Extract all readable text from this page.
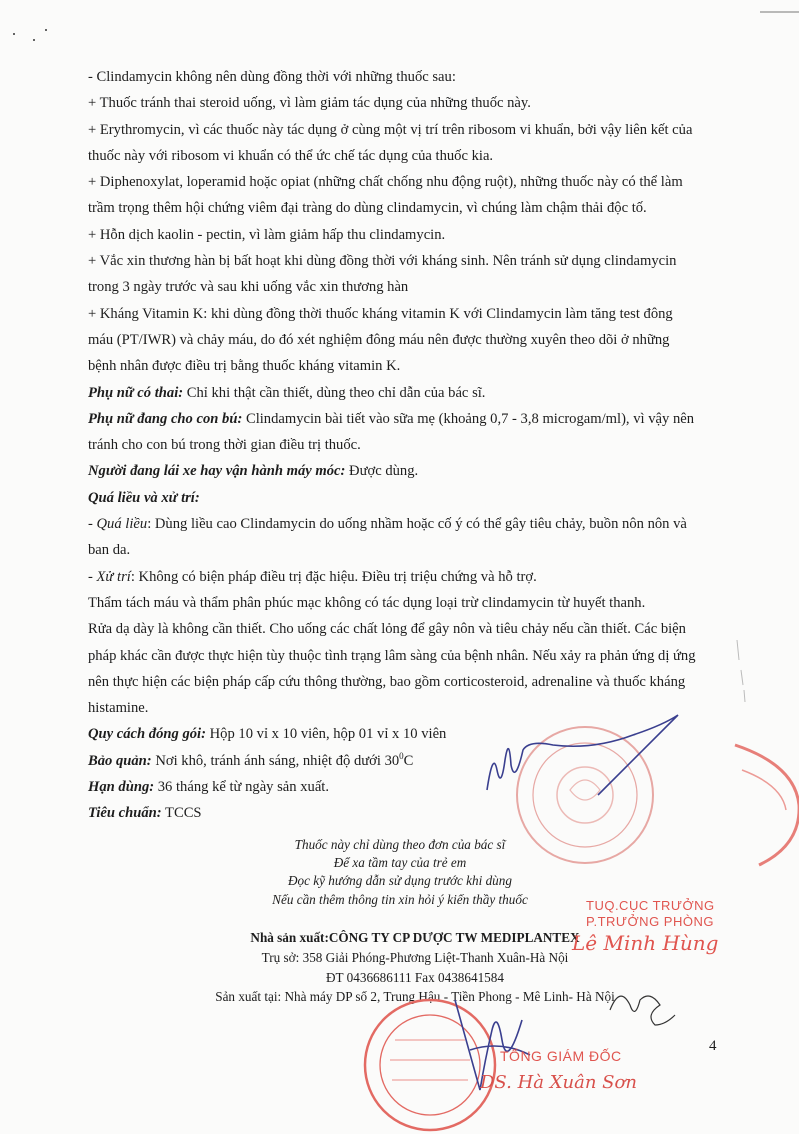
- Clindamycin không nên dùng đồng thời với những thuốc sau:

+ Thuốc tránh thai steroid uống, vì làm giảm tác dụng của những thuốc này.

+ Erythromycin, vì các thuốc này tác dụng ở cùng một vị trí trên ribosom vi khuẩn, bởi vậy liên kết của

thuốc này với ribosom vi khuẩn có thể ức chế tác dụng của thuốc kia.

+ Diphenoxylat, loperamid hoặc opiat (những chất chống nhu động ruột), những thuốc này có thể làm

trầm trọng thêm hội chứng viêm đại tràng do dùng clindamycin, vì chúng làm chậm thải độc tố.

+ Hỗn dịch kaolin - pectin, vì làm giảm hấp thu clindamycin.

+ Vắc xin thương hàn bị bất hoạt khi dùng đồng thời với kháng sinh. Nên tránh sử dụng clindamycin

trong 3 ngày trước và sau khi uống vắc xin thương hàn

+ Kháng Vitamin K: khi dùng đồng thời thuốc kháng vitamin K với Clindamycin làm tăng test đông

máu (PT/IWR) và chảy máu, do đó xét nghiệm đông máu nên được thường xuyên theo dõi ở những

bệnh nhân được điều trị bằng thuốc kháng vitamin K.

Phụ nữ có thai: Chỉ khi thật cần thiết, dùng theo chỉ dẫn của bác sĩ.

Phụ nữ đang cho con bú: Clindamycin bài tiết vào sữa mẹ (khoảng 0,7 - 3,8 microgam/ml), vì vậy nên

tránh cho con bú trong thời gian điều trị thuốc.

Người đang lái xe hay vận hành máy móc: Được dùng.

Quá liều và xử trí:

- Quá liều: Dùng liều cao Clindamycin do uống nhầm hoặc cố ý có thể gây tiêu chảy, buồn nôn nôn và

ban da.

- Xử trí: Không có biện pháp điều trị đặc hiệu. Điều trị triệu chứng và hỗ trợ.

Thẩm tách máu và thẩm phân phúc mạc không có tác dụng loại trừ clindamycin từ huyết thanh.

Rửa dạ dày là không cần thiết. Cho uống các chất lỏng để gây nôn và tiêu chảy nếu cần thiết. Các biện

pháp khác cần được thực hiện tùy thuộc tình trạng lâm sàng của bệnh nhân. Nếu xảy ra phản ứng dị ứng

nên thực hiện các biện pháp cấp cứu thông thường, bao gồm corticosteroid, adrenaline và thuốc kháng

histamine.

Quy cách đóng gói: Hộp 10 vỉ x 10 viên, hộp 01 vỉ x 10 viên

Bảo quản: Nơi khô, tránh ánh sáng, nhiệt độ dưới $30^0C$

Hạn dùng: 36 tháng kể từ ngày sản xuất.

Tiêu chuẩn: TCCS

Thuốc này chỉ dùng theo đơn của bác sĩ
Để xa tầm tay của trẻ em
Đọc kỹ hướng dẫn sử dụng trước khi dùng
Nếu cần thêm thông tin xin hỏi ý kiến thầy thuốc
Nhà sản xuất:CÔNG TY CP DƯỢC TW MEDIPLANTEX
Trụ sở: 358 Giải Phóng-Phương Liệt-Thanh Xuân-Hà Nội
ĐT 0436686111 Fax 0438641584
Sản xuất tại: Nhà máy DP số 2, Trung Hậu - Tiền Phong - Mê Linh- Hà Nội
4
TUQ.CỤC TRƯỞNG
P.TRƯỞNG PHÒNG
Lê Minh Hùng
TỔNG GIÁM ĐỐC
DS. Hà Xuân Sơn
